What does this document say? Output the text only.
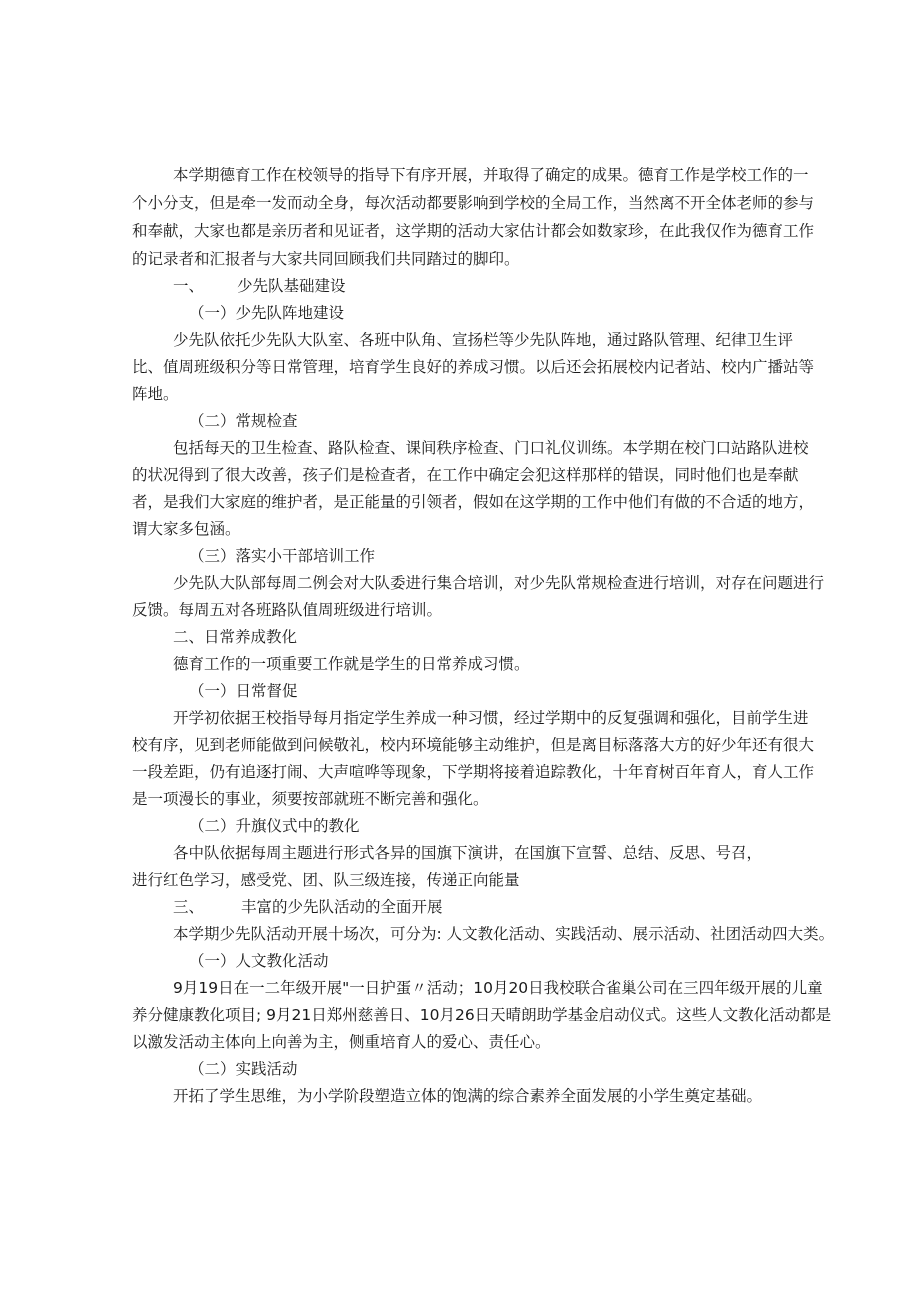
本学期德育工作在校领导的指导下有序开展，并取得了确定的成果。德育工作是学校工作的一
个小分支，但是牵一发而动全身，每次活动都要影响到学校的全局工作，当然离不开全体老师的参与
和奉献，大家也都是亲历者和见证者，这学期的活动大家估计都会如数家珍，在此我仅作为德育工作
的记录者和汇报者与大家共同回顾我们共同踏过的脚印。
一、 少先队基础建设
（一）少先队阵地建设
少先队依托少先队大队室、各班中队角、宣扬栏等少先队阵地，通过路队管理、纪律卫生评
比、值周班级积分等日常管理，培育学生良好的养成习惯。以后还会拓展校内记者站、校内广播站等
阵地。
（二）常规检查
包括每天的卫生检查、路队检查、课间秩序检查、门口礼仪训练。本学期在校门口站路队进校
的状况得到了很大改善，孩子们是检查者，在工作中确定会犯这样那样的错误，同时他们也是奉献
者，是我们大家庭的维护者，是正能量的引领者，假如在这学期的工作中他们有做的不合适的地方，
谓大家多包涵。
（三）落实小干部培训工作
少先队大队部每周二例会对大队委进行集合培训，对少先队常规检查进行培训，对存在问题进行
反馈。每周五对各班路队值周班级进行培训。
二、日常养成教化
德育工作的一项重要工作就是学生的日常养成习惯。
（一）日常督促
开学初依据王校指导每月指定学生养成一种习惯，经过学期中的反复强调和强化，目前学生进
校有序，见到老师能做到问候敬礼，校内环境能够主动维护，但是离目标落落大方的好少年还有很大
一段差距，仍有追逐打闹、大声喧哗等现象，下学期将接着追踪教化，十年育树百年育人，育人工作
是一项漫长的事业，须要按部就班不断完善和强化。
（二）升旗仪式中的教化
各中队依据每周主题进行形式各异的国旗下演讲，在国旗下宣誓、总结、反思、号召，
进行红色学习，感受党、团、队三级连接，传递正向能量
三、 丰富的少先队活动的全面开展
本学期少先队活动开展十场次，可分为: 人文教化活动、实践活动、展示活动、社团活动四大类。
（一）人文教化活动
9月19日在一二年级开展"一日护蛋〃活动；10月20日我校联合雀巢公司在三四年级开展的儿童
养分健康教化项目; 9月21日郑州慈善日、10月26日天晴朗助学基金启动仪式。这些人文教化活动都是
以激发活动主体向上向善为主，侧重培育人的爱心、责任心。
（二）实践活动
开拓了学生思维，为小学阶段塑造立体的饱满的综合素养全面发展的小学生奠定基础。
